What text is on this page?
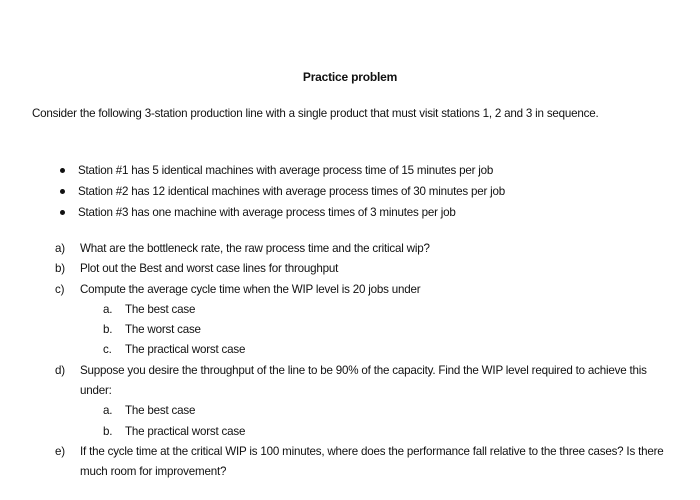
Practice problem
Consider the following 3-station production line with a single product that must visit stations 1, 2 and 3 in sequence.
Station #1 has 5 identical machines with average process time of 15 minutes per job
Station #2 has 12 identical machines with average process times of 30 minutes per job
Station #3 has one machine with average process times of 3 minutes per job
a) What are the bottleneck rate, the raw process time and the critical wip?
b) Plot out the Best and worst case lines for throughput
c) Compute the average cycle time when the WIP level is 20 jobs under
a. The best case
b. The worst case
c. The practical worst case
d) Suppose you desire the throughput of the line to be 90% of the capacity. Find the WIP level required to achieve this under:
a. The best case
b. The practical worst case
e) If the cycle time at the critical WIP is 100 minutes, where does the performance fall relative to the three cases? Is there much room for improvement?
